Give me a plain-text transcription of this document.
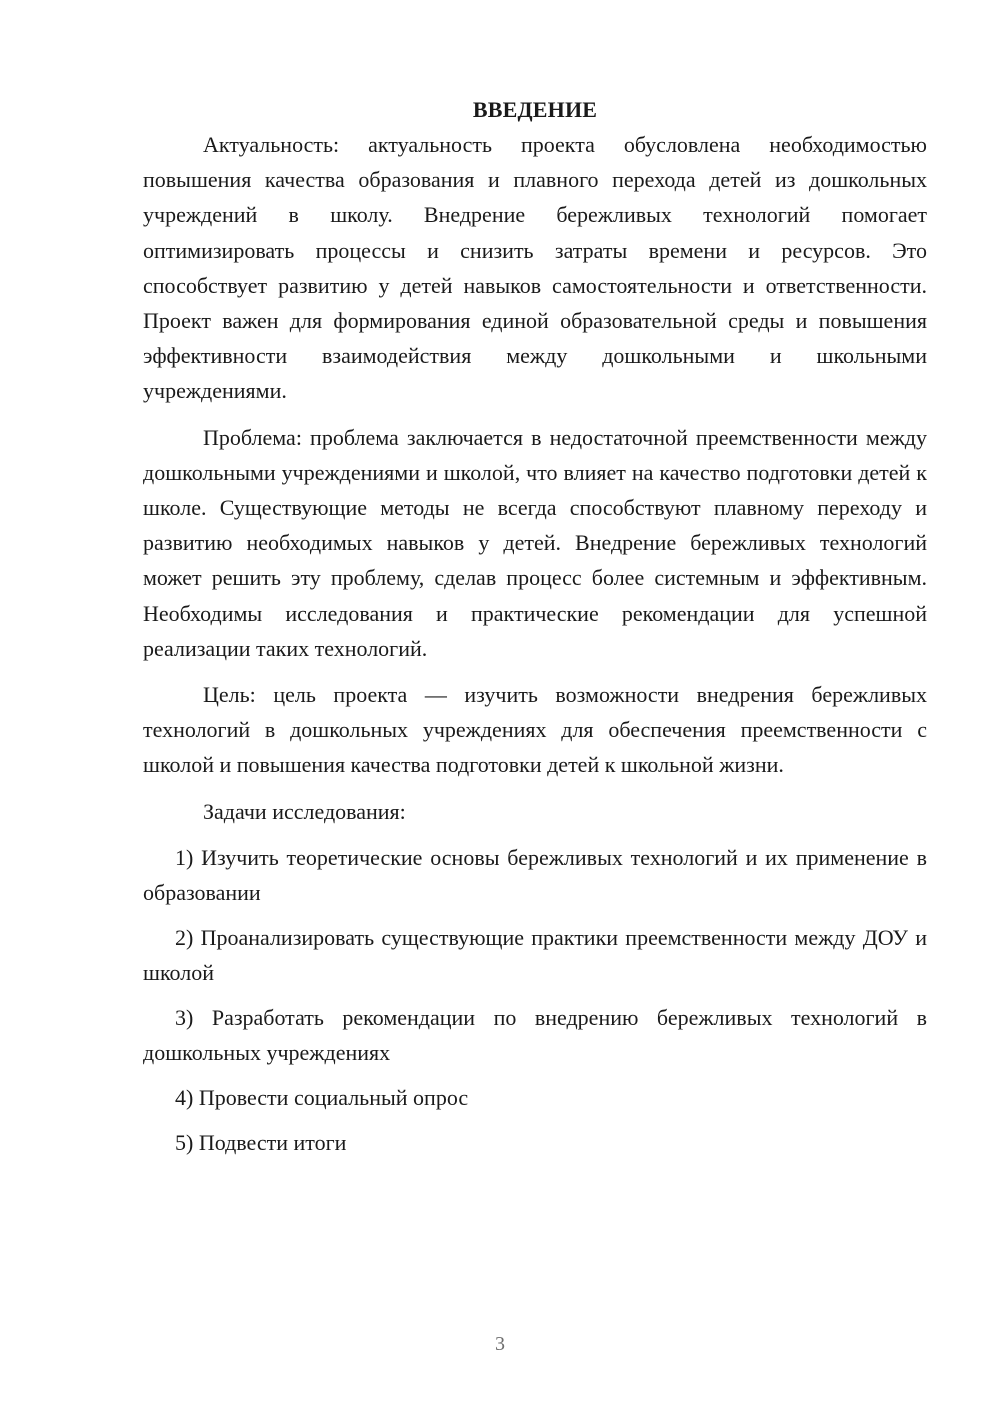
ВВЕДЕНИЕ

Актуальность: актуальность проекта обусловлена необходимостью повышения качества образования и плавного перехода детей из дошкольных учреждений в школу. Внедрение бережливых технологий помогает оптимизировать процессы и снизить затраты времени и ресурсов. Это способствует развитию у детей навыков самостоятельности и ответственности. Проект важен для формирования единой образовательной среды и повышения эффективности взаимодействия между дошкольными и школьными учреждениями.

Проблема: проблема заключается в недостаточной преемственности между дошкольными учреждениями и школой, что влияет на качество подготовки детей к школе. Существующие методы не всегда способствуют плавному переходу и развитию необходимых навыков у детей. Внедрение бережливых технологий может решить эту проблему, сделав процесс более системным и эффективным. Необходимы исследования и практические рекомендации для успешной реализации таких технологий.

Цель: цель проекта — изучить возможности внедрения бережливых технологий в дошкольных учреждениях для обеспечения преемственности с школой и повышения качества подготовки детей к школьной жизни.

Задачи исследования:

1) Изучить теоретические основы бережливых технологий и их применение в образовании

2) Проанализировать существующие практики преемственности между ДОУ и школой

3) Разработать рекомендации по внедрению бережливых технологий в дошкольных учреждениях

4) Провести социальный опрос

5) Подвести итоги

3
